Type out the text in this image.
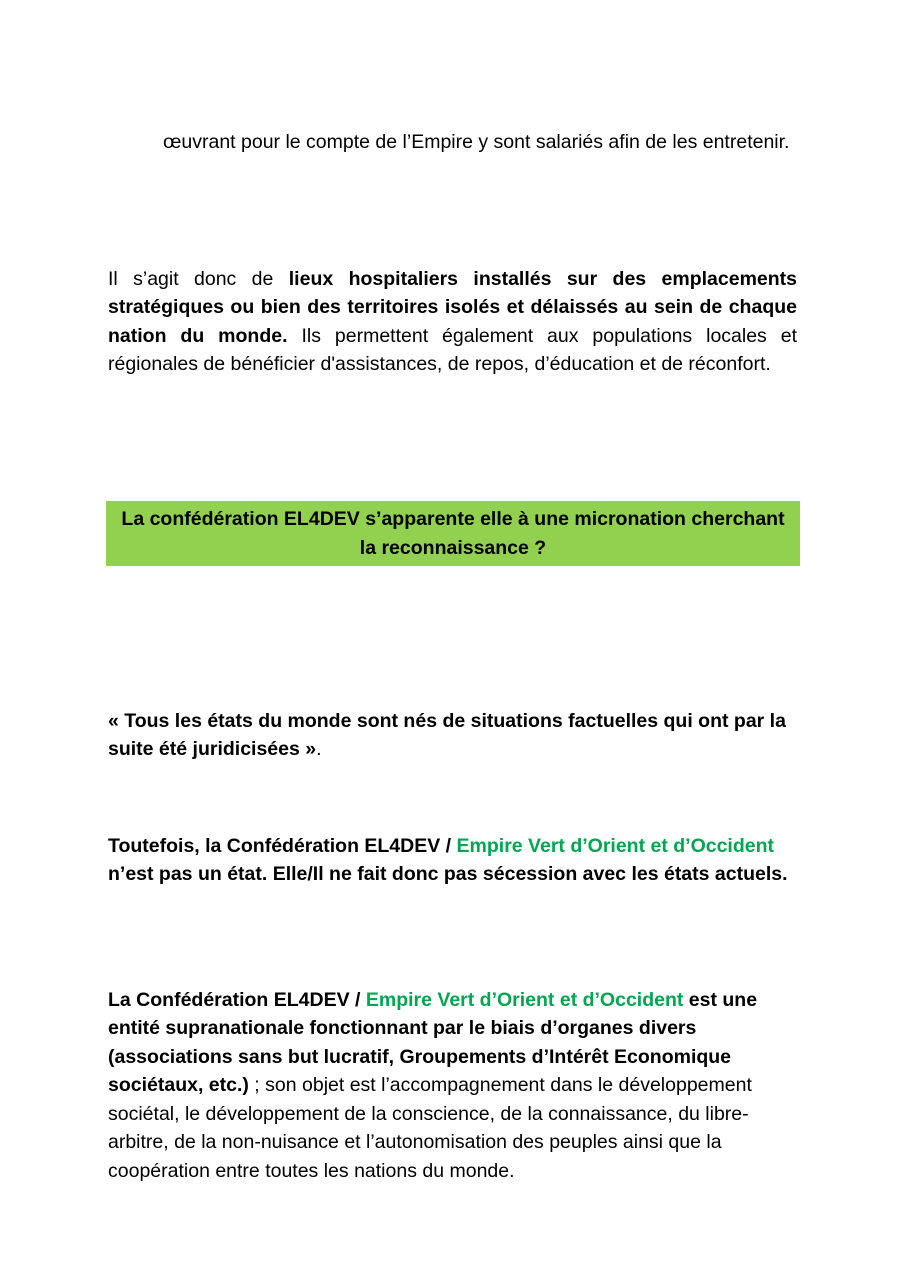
œuvrant pour le compte de l’Empire y sont salariés afin de les entretenir.

Il s’agit donc de lieux hospitaliers installés sur des emplacements stratégiques ou bien des territoires isolés et délaissés au sein de chaque nation du monde. Ils permettent également aux populations locales et régionales de bénéficier d'assistances, de repos, d’éducation et de réconfort.

La confédération EL4DEV s’apparente elle à une micronation cherchant la reconnaissance ?

« Tous les états du monde sont nés de situations factuelles qui ont par la suite été juridicisées ».

Toutefois, la Confédération EL4DEV / Empire Vert d’Orient et d’Occident n’est pas un état. Elle/Il ne fait donc pas sécession avec les états actuels.

La Confédération EL4DEV / Empire Vert d’Orient et d’Occident est une entité supranationale fonctionnant par le biais d’organes divers (associations sans but lucratif, Groupements d’Intérêt Economique sociétaux, etc.) ; son objet est l’accompagnement dans le développement sociétal, le développement de la conscience, de la connaissance, du libre-arbitre, de la non-nuisance et l’autonomisation des peuples ainsi que la coopération entre toutes les nations du monde.
